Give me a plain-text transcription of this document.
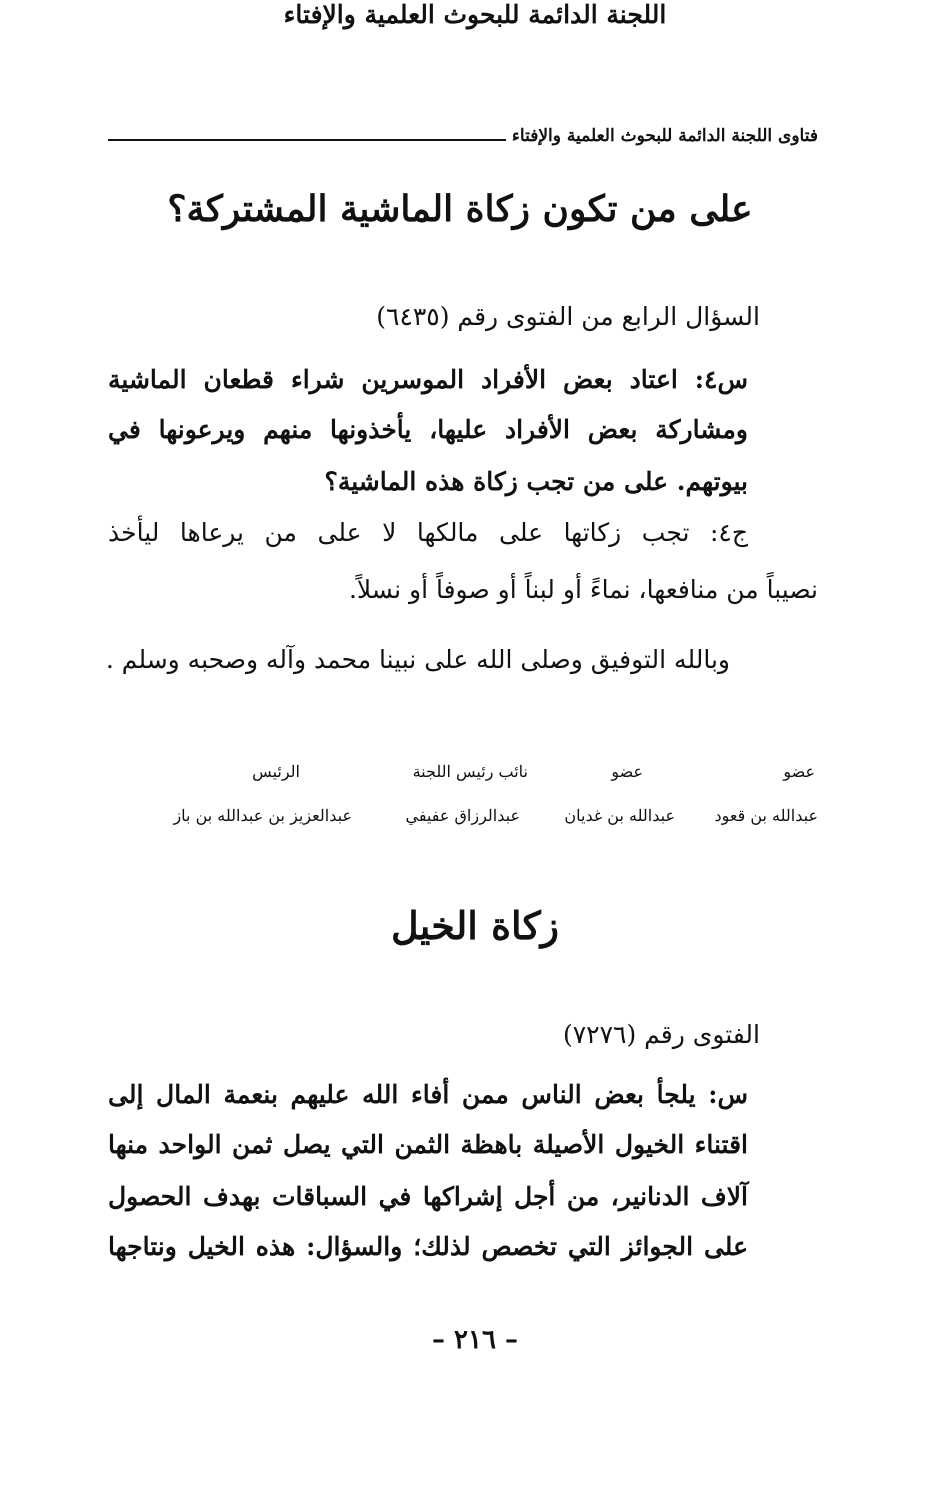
فتاوى اللجنة الدائمة للبحوث العلمية والإفتاء
على من تكون زكاة الماشية المشتركة؟
السؤال الرابع من الفتوى رقم (٦٤٣٥)
س٤: اعتاد بعض الأفراد الموسرين شراء قطعان الماشية
ومشاركة بعض الأفراد عليها، يأخذونها منهم ويرعونها في
بيوتهم. على من تجب زكاة هذه الماشية؟
ج٤: تجب زكاتها على مالكها لا على من يرعاها ليأخذ
نصيباً من منافعها، نماءً أو لبناً أو صوفاً أو نسلاً.
وبالله التوفيق وصلى الله على نبينا محمد وآله وصحبه وسلم .
اللجنة الدائمة للبحوث العلمية والإفتاء
عضو
عضو
نائب رئيس اللجنة
الرئيس
عبدالله بن قعود
عبدالله بن غديان
عبدالرزاق عفيفي
عبدالعزيز بن عبدالله بن باز
زكاة الخيل
الفتوى رقم (٧٢٧٦)
س: يلجأ بعض الناس ممن أفاء الله عليهم بنعمة المال إلى
اقتناء الخيول الأصيلة باهظة الثمن التي يصل ثمن الواحد منها
آلاف الدنانير، من أجل إشراكها في السباقات بهدف الحصول
على الجوائز التي تخصص لذلك؛ والسؤال: هذه الخيل ونتاجها
– ٢١٦ –
